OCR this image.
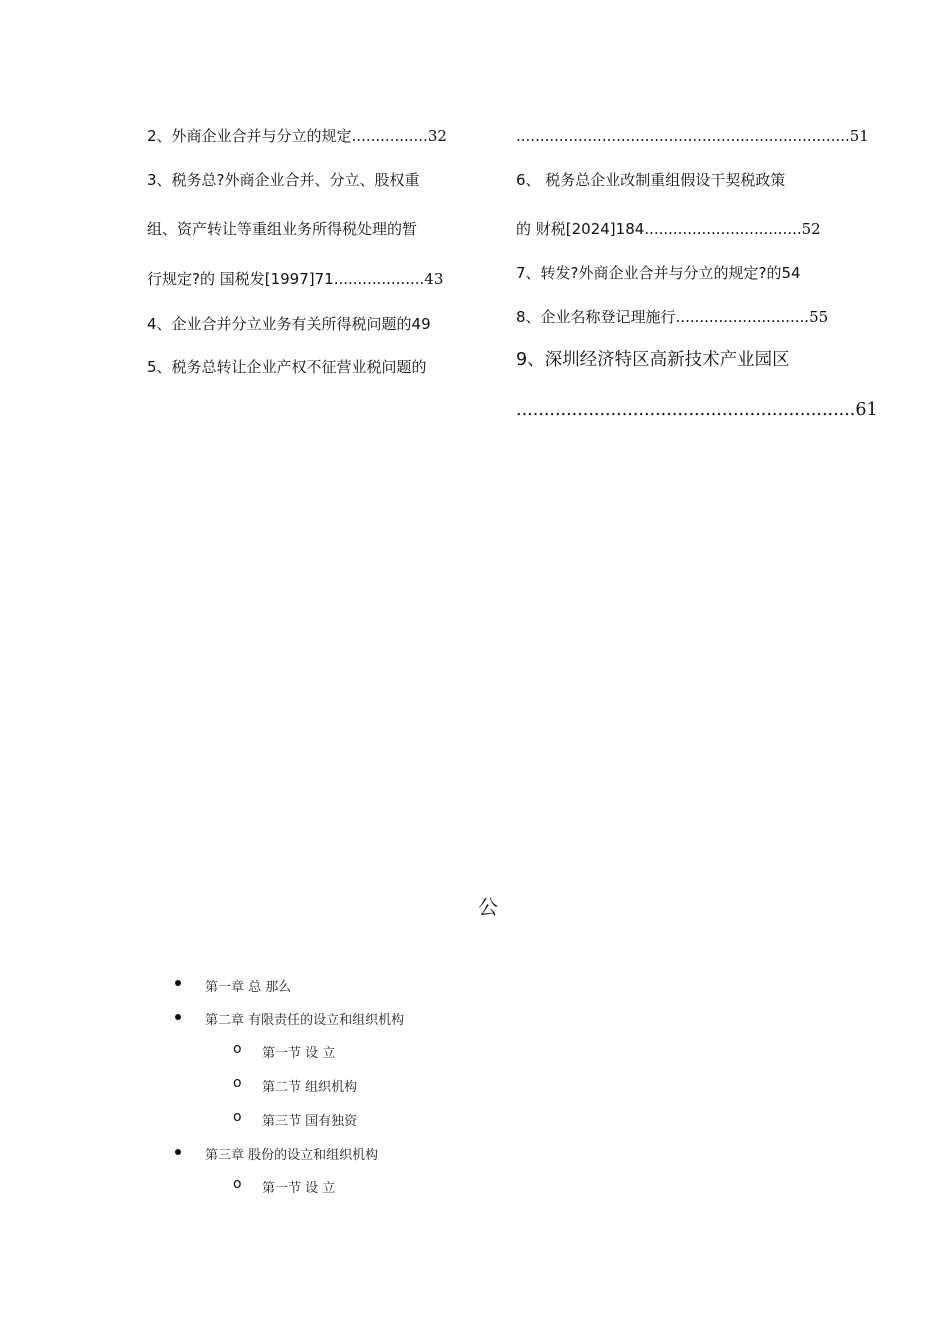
2、外商企业合并与分立的规定................32
3、税务总?外商企业合并、分立、股权重
组、资产转让等重组业务所得税处理的暂
行规定?的 国税发[1997]71...................43
4、企业合并分立业务有关所得税问题的49
5、税务总转让企业产权不征营业税问题的
......................................................................51
6、 税务总企业改制重组假设干契税政策
的 财税[2024]184.................................52
7、转发?外商企业合并与分立的规定?的54
8、企业名称登记理施行............................55
9、深圳经济特区高新技术产业园区
.............................................................61
公
第一章 总 那么
第二章 有限责任的设立和组织机构
o 第一节 设 立
o 第二节 组织机构
o 第三节 国有独资
第三章 股份的设立和组织机构
o 第一节 设 立
